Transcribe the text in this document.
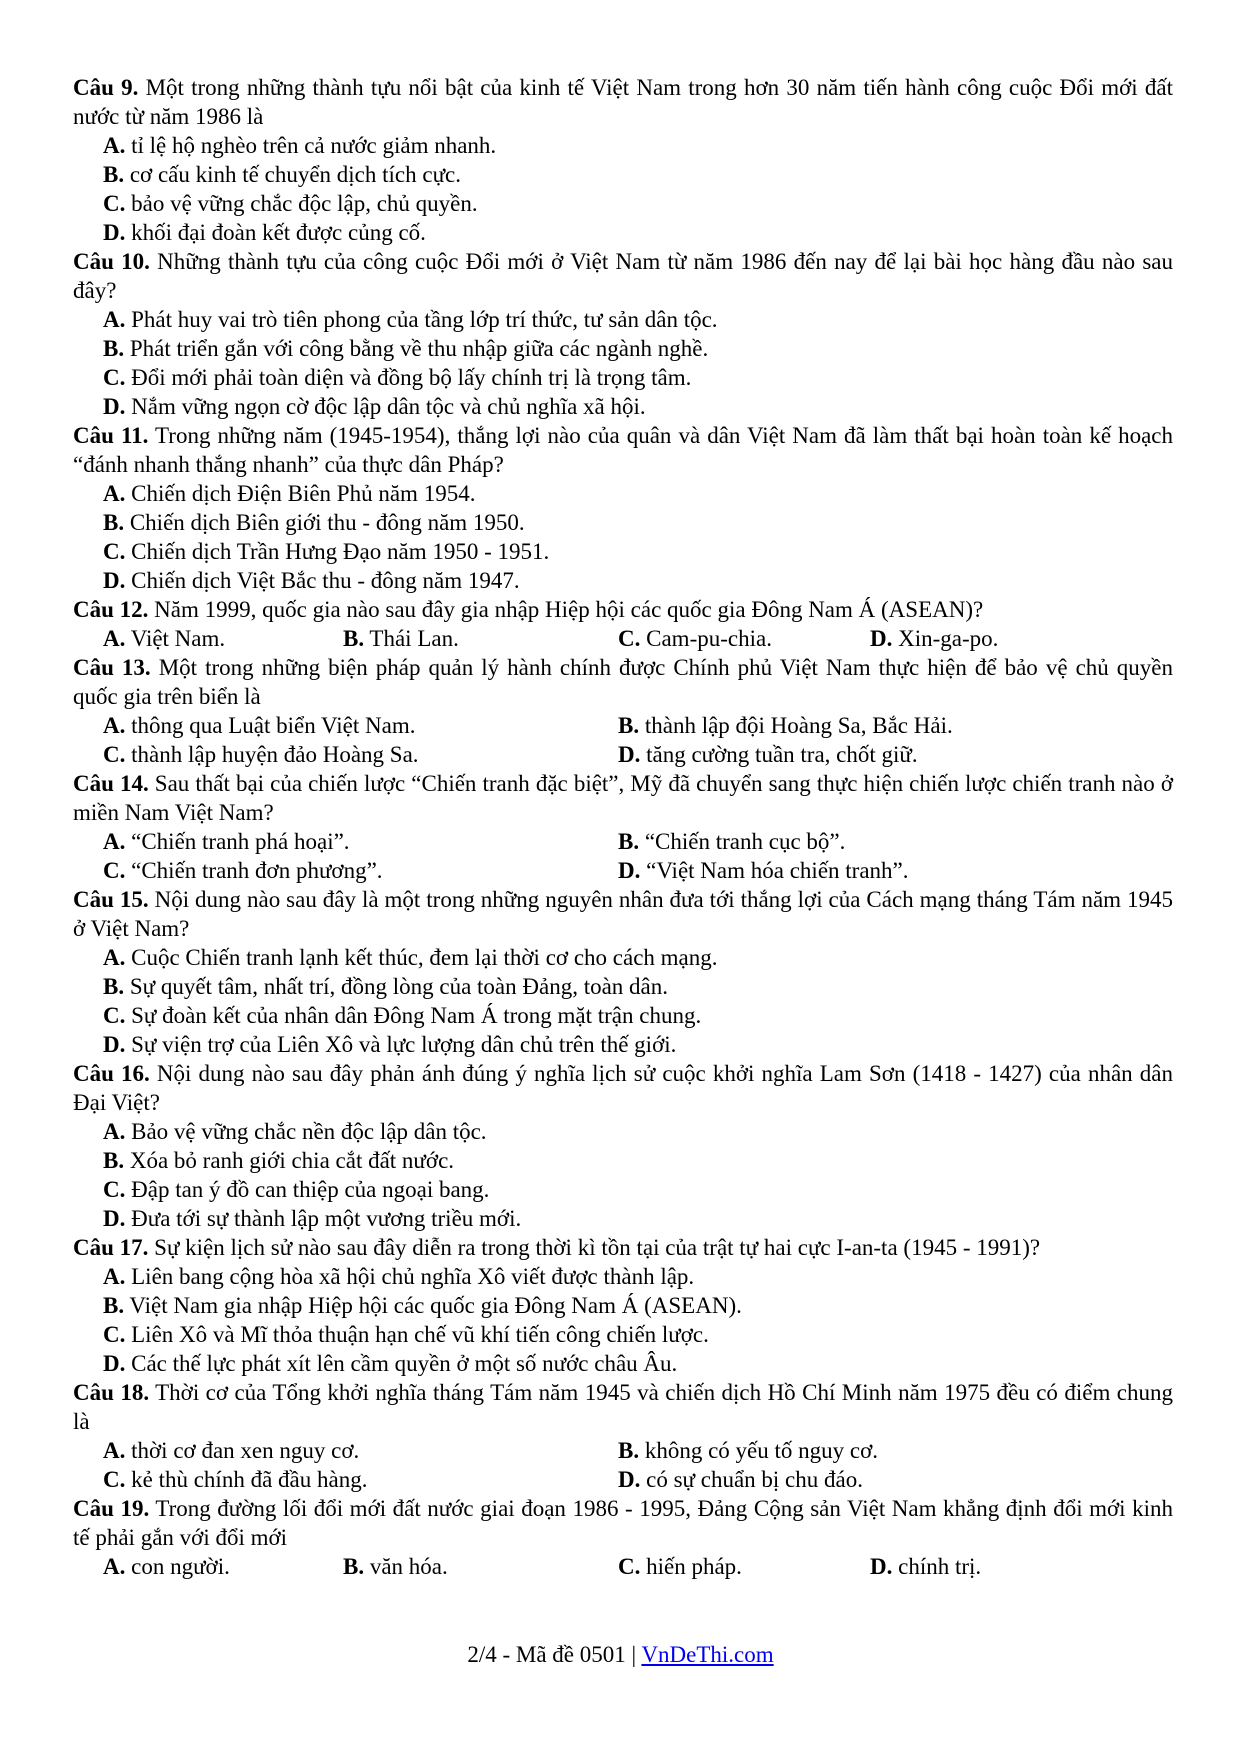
Câu 9. Một trong những thành tựu nổi bật của kinh tế Việt Nam trong hơn 30 năm tiến hành công cuộc Đổi mới đất nước từ năm 1986 là

A. tỉ lệ hộ nghèo trên cả nước giảm nhanh.
B. cơ cấu kinh tế chuyển dịch tích cực.
C. bảo vệ vững chắc độc lập, chủ quyền.
D. khối đại đoàn kết được củng cố.

Câu 10. Những thành tựu của công cuộc Đổi mới ở Việt Nam từ năm 1986 đến nay để lại bài học hàng đầu nào sau đây?

A. Phát huy vai trò tiên phong của tầng lớp trí thức, tư sản dân tộc.
B. Phát triển gắn với công bằng về thu nhập giữa các ngành nghề.
C. Đổi mới phải toàn diện và đồng bộ lấy chính trị là trọng tâm.
D. Nắm vững ngọn cờ độc lập dân tộc và chủ nghĩa xã hội.

Câu 11. Trong những năm (1945-1954), thắng lợi nào của quân và dân Việt Nam đã làm thất bại hoàn toàn kế hoạch “đánh nhanh thắng nhanh” của thực dân Pháp?

A. Chiến dịch Điện Biên Phủ năm 1954.
B. Chiến dịch Biên giới thu - đông năm 1950.
C. Chiến dịch Trần Hưng Đạo năm 1950 - 1951.
D. Chiến dịch Việt Bắc thu - đông năm 1947.

Câu 12. Năm 1999, quốc gia nào sau đây gia nhập Hiệp hội các quốc gia Đông Nam Á (ASEAN)?

A. Việt Nam.	B. Thái Lan.	C. Cam-pu-chia.	D. Xin-ga-po.

Câu 13. Một trong những biện pháp quản lý hành chính được Chính phủ Việt Nam thực hiện để bảo vệ chủ quyền quốc gia trên biển là

A. thông qua Luật biển Việt Nam.	B. thành lập đội Hoàng Sa, Bắc Hải.
C. thành lập huyện đảo Hoàng Sa.	D. tăng cường tuần tra, chốt giữ.

Câu 14. Sau thất bại của chiến lược “Chiến tranh đặc biệt”, Mỹ đã chuyển sang thực hiện chiến lược chiến tranh nào ở miền Nam Việt Nam?

A. “Chiến tranh phá hoại”.	B. “Chiến tranh cục bộ”.
C. “Chiến tranh đơn phương”.	D. “Việt Nam hóa chiến tranh”.

Câu 15. Nội dung nào sau đây là một trong những nguyên nhân đưa tới thắng lợi của Cách mạng tháng Tám năm 1945 ở Việt Nam?

A. Cuộc Chiến tranh lạnh kết thúc, đem lại thời cơ cho cách mạng.
B. Sự quyết tâm, nhất trí, đồng lòng của toàn Đảng, toàn dân.
C. Sự đoàn kết của nhân dân Đông Nam Á trong mặt trận chung.
D. Sự viện trợ của Liên Xô và lực lượng dân chủ trên thế giới.

Câu 16. Nội dung nào sau đây phản ánh đúng ý nghĩa lịch sử cuộc khởi nghĩa Lam Sơn (1418 - 1427) của nhân dân Đại Việt?

A. Bảo vệ vững chắc nền độc lập dân tộc.
B. Xóa bỏ ranh giới chia cắt đất nước.
C. Đập tan ý đồ can thiệp của ngoại bang.
D. Đưa tới sự thành lập một vương triều mới.

Câu 17. Sự kiện lịch sử nào sau đây diễn ra trong thời kì tồn tại của trật tự hai cực I-an-ta (1945 - 1991)?

A. Liên bang cộng hòa xã hội chủ nghĩa Xô viết được thành lập.
B. Việt Nam gia nhập Hiệp hội các quốc gia Đông Nam Á (ASEAN).
C. Liên Xô và Mĩ thỏa thuận hạn chế vũ khí tiến công chiến lược.
D. Các thế lực phát xít lên cầm quyền ở một số nước châu Âu.

Câu 18. Thời cơ của Tổng khởi nghĩa tháng Tám năm 1945 và chiến dịch Hồ Chí Minh năm 1975 đều có điểm chung là

A. thời cơ đan xen nguy cơ.	B. không có yếu tố nguy cơ.
C. kẻ thù chính đã đầu hàng.	D. có sự chuẩn bị chu đáo.

Câu 19. Trong đường lối đổi mới đất nước giai đoạn 1986 - 1995, Đảng Cộng sản Việt Nam khẳng định đổi mới kinh tế phải gắn với đổi mới

A. con người.	B. văn hóa.	C. hiến pháp.	D. chính trị.
2/4 - Mã đề 0501 | VnDeThi.com
